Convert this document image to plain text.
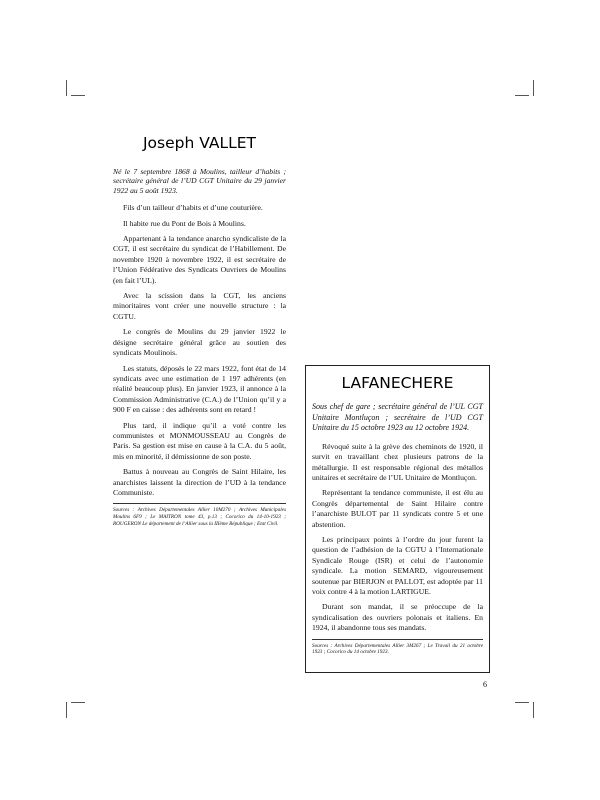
Joseph VALLET
Né le 7 septembre 1868 à Moulins, tailleur d’habits ; secrétaire général de l’UD CGT Unitaire du 29 janvier 1922 au 5 août 1923.

Fils d’un tailleur d’habits et d’une couturière.

Il habite rue du Pont de Bois à Moulins.

Appartenant à la tendance anarcho syndicaliste de la CGT, il est secrétaire du syndicat de l’Habillement. De novembre 1920 à novembre 1922, il est secrétaire de l’Union Fédérative des Syndicats Ouvriers de Moulins (en fait l’UL).

Avec la scission dans la CGT, les anciens minoritaires vont créer une nouvelle structure : la CGTU.

Le congrès de Moulins du 29 janvier 1922 le désigne secrétaire général grâce au soutien des syndicats Moulinois.

Les statuts, déposés le 22 mars 1922, font état de 14 syndicats avec une estimation de 1 197 adhérents (en réalité beaucoup plus). En janvier 1923, il annonce à la Commission Administrative (C.A.) de l’Union qu’il y a 900 F en caisse : des adhérents sont en retard !

Plus tard, il indique qu’il a voté contre les communistes et MONMOUSSEAU au Congrès de Paris. Sa gestion est mise en cause à la C.A. du 5 août, mis en minorité, il démissionne de son poste.

Battus à nouveau au Congrès de Saint Hilaire, les anarchistes laissent la direction de l’UD à la tendance Communiste.

Sources : Archives Départementales Allier 10M270 ; Archives Municipales Moulins 6F9 ; Le MAITRON tome 43, p.13 ; Cocorico du 14-10-1923 ; ROUGERON Le département de l’Allier sous la IIIème République ; Etat Civil.
LAFANECHERE
Sous chef de gare ; secrétaire général de l’UL CGT Unitaire Montluçon ; secrétaire de l’UD CGT Unitaire du 15 octobre 1923 au 12 octobre 1924.

Révoqué suite à la grève des cheminots de 1920, il survit en travaillant chez plusieurs patrons de la métallurgie. Il est responsable régional des métallos unitaires et secrétaire de l’UL Unitaire de Montluçon.

Représentant la tendance communiste, il est élu au Congrès départemental de Saint Hilaire contre l’anarchiste BULOT par 11 syndicats contre 5 et une abstention.

Les principaux points à l’ordre du jour furent la question de l’adhésion de la CGTU à l’Internationale Syndicale Rouge (ISR) et celui de l’autonomie syndicale. La motion SEMARD, vigoureusement soutenue par BIERJON et PALLOT, est adoptée par 11 voix contre 4 à la motion LARTIGUE.

Durant son mandat, il se préoccupe de la syndicalisation des ouvriers polonais et italiens. En 1924, il abandonne tous ses mandats.

Sources : Archives Départementales Allier 3M267 ; Le Travail du 21 octobre 1923 ; Cocorico du 14 octobre 1923.
6
